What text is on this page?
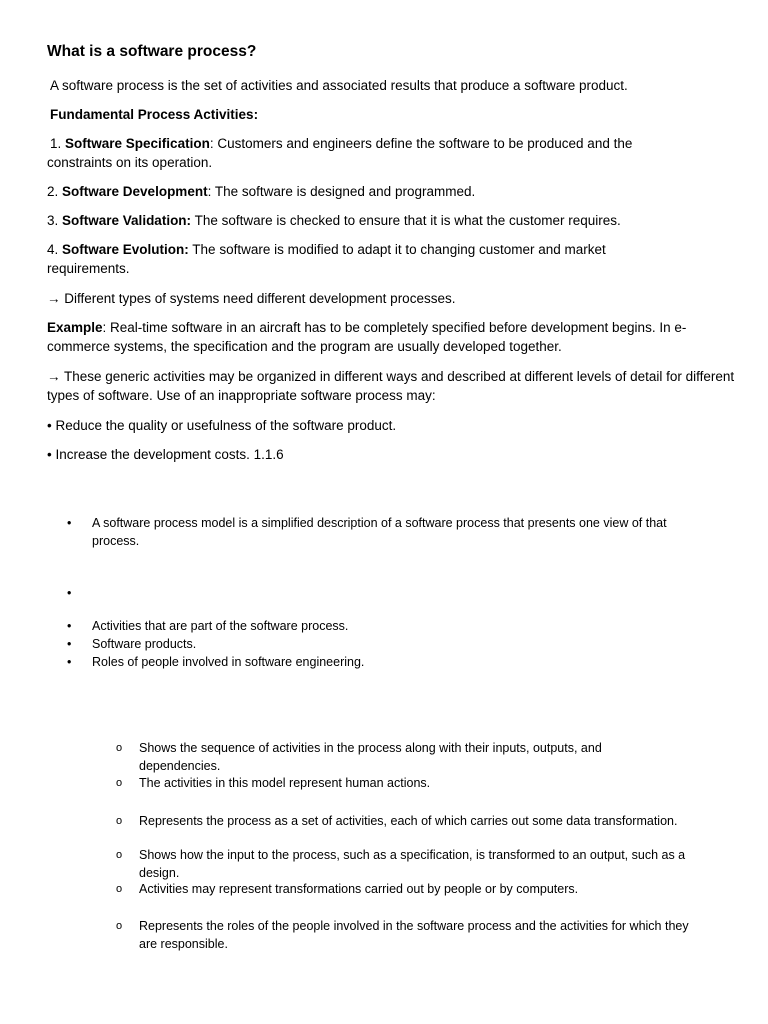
What is a software process?
A software process is the set of activities and associated results that produce a software product.
Fundamental Process Activities:
1. Software Specification: Customers and engineers define the software to be produced and the constraints on its operation.
2. Software Development: The software is designed and programmed.
3. Software Validation: The software is checked to ensure that it is what the customer requires.
4. Software Evolution: The software is modified to adapt it to changing customer and market requirements.
→ Different types of systems need different development processes.
Example: Real-time software in an aircraft has to be completely specified before development begins. In e-commerce systems, the specification and the program are usually developed together.
→ These generic activities may be organized in different ways and described at different levels of detail for different types of software. Use of an inappropriate software process may:
• Reduce the quality or usefulness of the software product.
• Increase the development costs. 1.1.6
• A software process model is a simplified description of a software process that presents one view of that process.
•
• Activities that are part of the software process.
• Software products.
• Roles of people involved in software engineering.
o Shows the sequence of activities in the process along with their inputs, outputs, and dependencies.
o The activities in this model represent human actions.
o Represents the process as a set of activities, each of which carries out some data transformation.
o Shows how the input to the process, such as a specification, is transformed to an output, such as a design.
o Activities may represent transformations carried out by people or by computers.
o Represents the roles of the people involved in the software process and the activities for which they are responsible.
